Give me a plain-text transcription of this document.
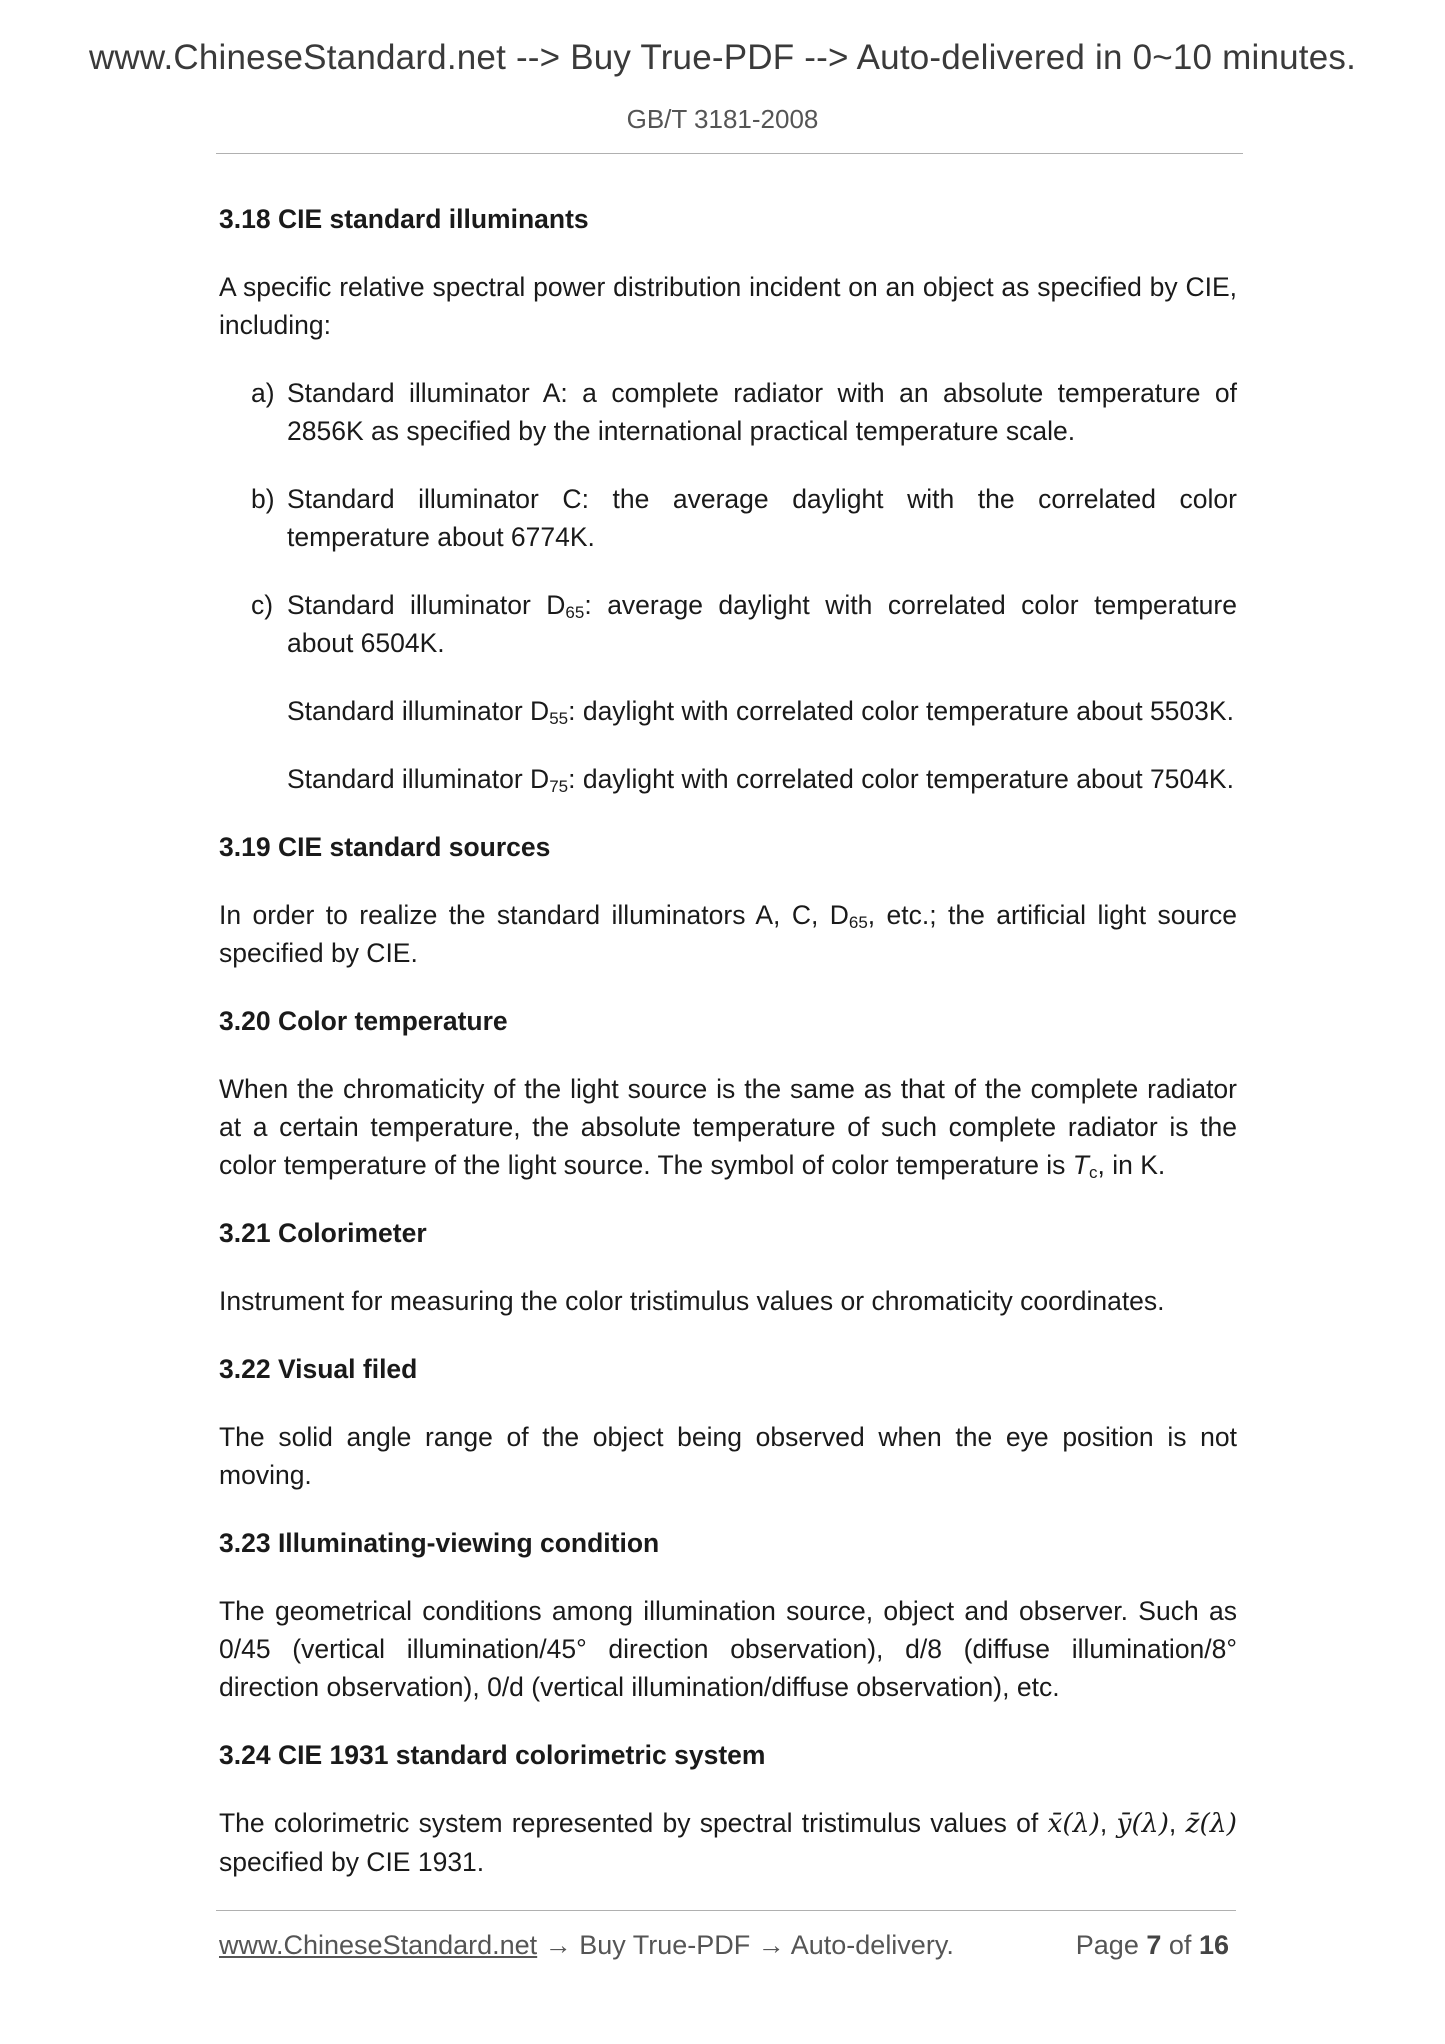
www.ChineseStandard.net --> Buy True-PDF --> Auto-delivered in 0~10 minutes.
GB/T 3181-2008
3.18 CIE standard illuminants

A specific relative spectral power distribution incident on an object as specified by CIE, including:

a) Standard illuminator A: a complete radiator with an absolute temperature of 2856K as specified by the international practical temperature scale.
b) Standard illuminator C: the average daylight with the correlated color temperature about 6774K.
c) Standard illuminator $D_{65}$: average daylight with correlated color temperature about 6504K.
Standard illuminator $D_{55}$: daylight with correlated color temperature about 5503K.
Standard illuminator $D_{75}$: daylight with correlated color temperature about 7504K.
3.19 CIE standard sources

In order to realize the standard illuminators A, C, $D_{65}$, etc.; the artificial light source specified by CIE.

3.20 Color temperature

When the chromaticity of the light source is the same as that of the complete radiator at a certain temperature, the absolute temperature of such complete radiator is the color temperature of the light source. The symbol of color temperature is $T_c$, in K.

3.21 Colorimeter

Instrument for measuring the color tristimulus values or chromaticity coordinates.

3.22 Visual filed

The solid angle range of the object being observed when the eye position is not moving.

3.23 Illuminating-viewing condition

The geometrical conditions among illumination source, object and observer. Such as 0/45 (vertical illumination/45° direction observation), d/8 (diffuse illumination/8° direction observation), 0/d (vertical illumination/diffuse observation), etc.

3.24 CIE 1931 standard colorimetric system

The colorimetric system represented by spectral tristimulus values of x̄(λ), ȳ(λ), z̄(λ) specified by CIE 1931.

www.ChineseStandard.net → Buy True-PDF → Auto-delivery.	Page 7 of 16
